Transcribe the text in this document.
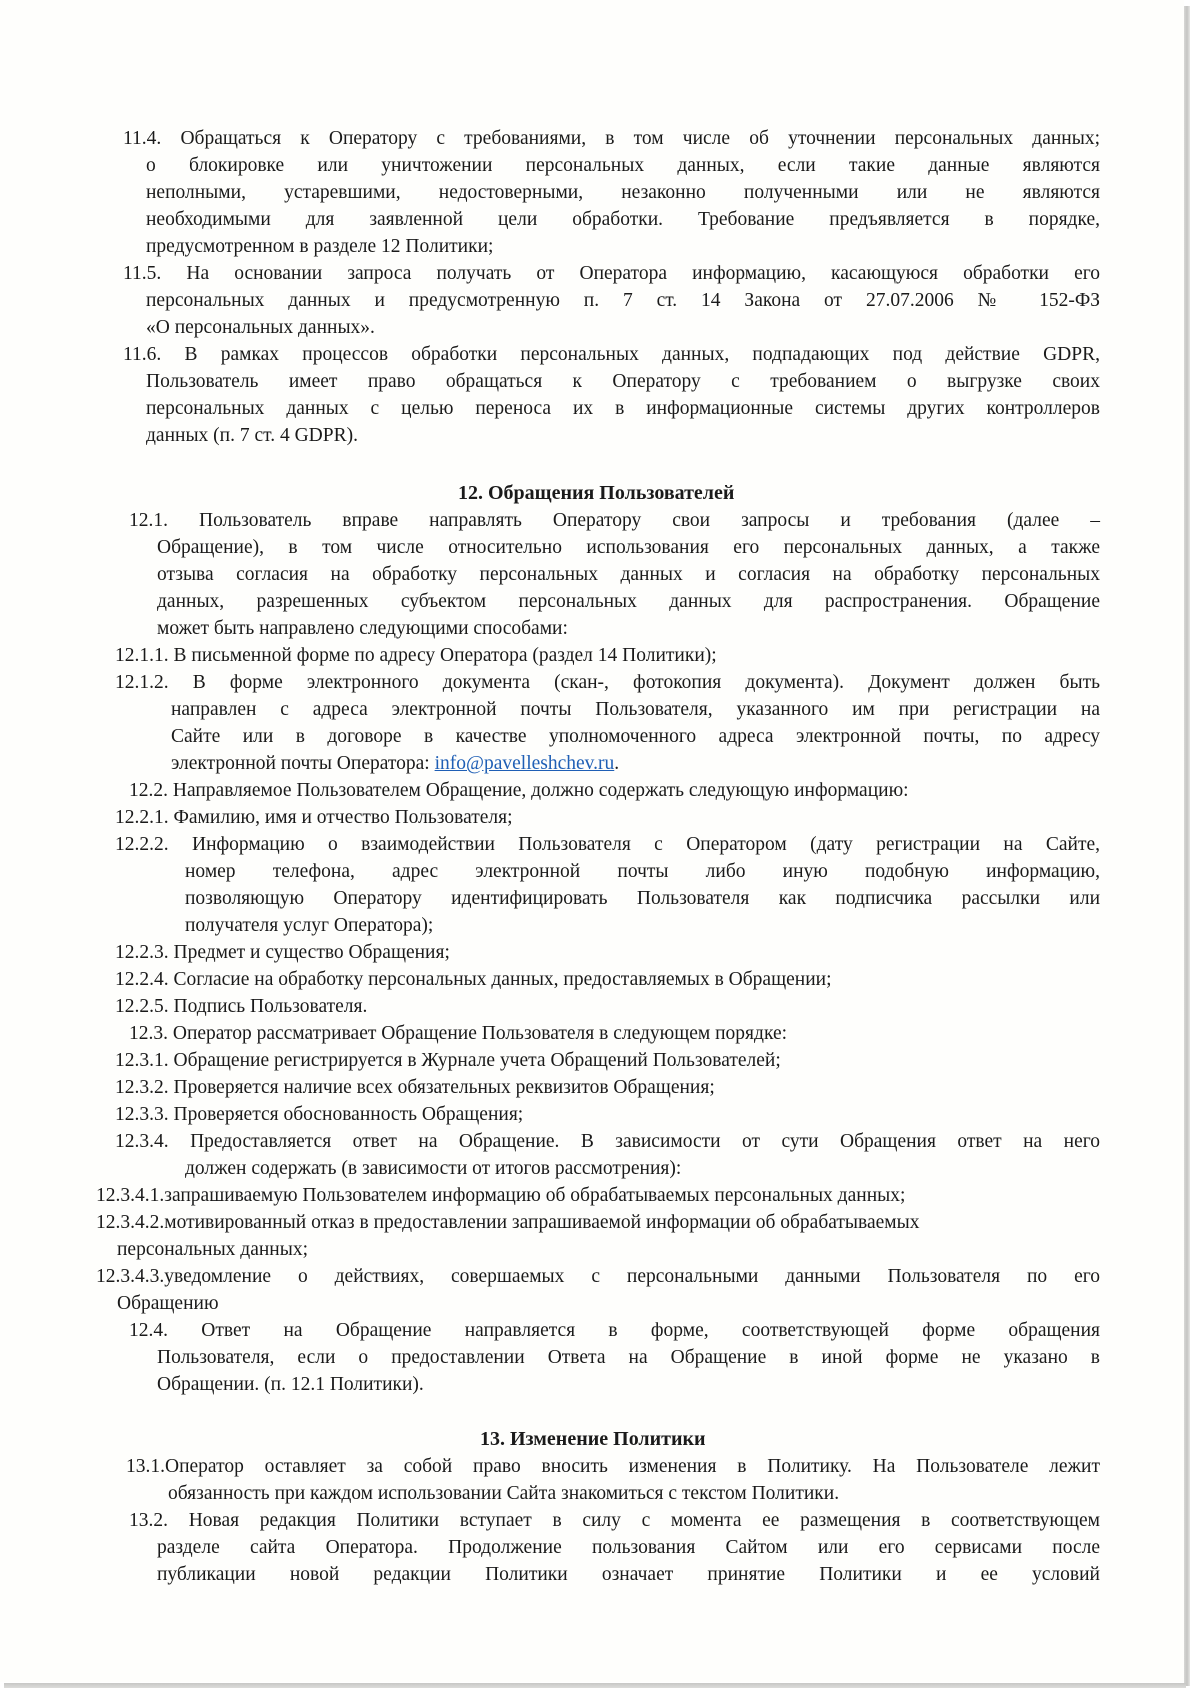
11.4. Обращаться к Оператору с требованиями, в том числе об уточнении персональных данных;
о блокировке или уничтожении персональных данных, если такие данные являются
неполными, устаревшими, недостоверными, незаконно полученными или не являются
необходимыми для заявленной цели обработки. Требование предъявляется в порядке,
предусмотренном в разделе 12 Политики;
11.5. На основании запроса получать от Оператора информацию, касающуюся обработки его
персональных данных и предусмотренную п. 7 ст. 14 Закона от 27.07.2006 № 152-ФЗ
«О персональных данных».
11.6. В рамках процессов обработки персональных данных, подпадающих под действие GDPR,
Пользователь имеет право обращаться к Оператору с требованием о выгрузке своих
персональных данных с целью переноса их в информационные системы других контроллеров
данных (п. 7 ст. 4 GDPR).
12. Обращения Пользователей
12.1. Пользователь вправе направлять Оператору свои запросы и требования (далее –
Обращение), в том числе относительно использования его персональных данных, а также
отзыва согласия на обработку персональных данных и согласия на обработку персональных
данных, разрешенных субъектом персональных данных для распространения. Обращение
может быть направлено следующими способами:
12.1.1. В письменной форме по адресу Оператора (раздел 14 Политики);
12.1.2. В форме электронного документа (скан-, фотокопия документа). Документ должен быть
направлен с адреса электронной почты Пользователя, указанного им при регистрации на
Сайте или в договоре в качестве уполномоченного адреса электронной почты, по адресу
электронной почты Оператора: info@pavelleshchev.ru.
12.2. Направляемое Пользователем Обращение, должно содержать следующую информацию:
12.2.1. Фамилию, имя и отчество Пользователя;
12.2.2. Информацию о взаимодействии Пользователя с Оператором (дату регистрации на Сайте,
номер телефона, адрес электронной почты либо иную подобную информацию,
позволяющую Оператору идентифицировать Пользователя как подписчика рассылки или
получателя услуг Оператора);
12.2.3. Предмет и существо Обращения;
12.2.4. Согласие на обработку персональных данных, предоставляемых в Обращении;
12.2.5. Подпись Пользователя.
12.3. Оператор рассматривает Обращение Пользователя в следующем порядке:
12.3.1. Обращение регистрируется в Журнале учета Обращений Пользователей;
12.3.2. Проверяется наличие всех обязательных реквизитов Обращения;
12.3.3. Проверяется обоснованность Обращения;
12.3.4. Предоставляется ответ на Обращение. В зависимости от сути Обращения ответ на него
должен содержать (в зависимости от итогов рассмотрения):
12.3.4.1.запрашиваемую Пользователем информацию об обрабатываемых персональных данных;
12.3.4.2.мотивированный отказ в предоставлении запрашиваемой информации об обрабатываемых
персональных данных;
12.3.4.3.уведомление о действиях, совершаемых с персональными данными Пользователя по его
Обращению
12.4. Ответ на Обращение направляется в форме, соответствующей форме обращения
Пользователя, если о предоставлении Ответа на Обращение в иной форме не указано в
Обращении. (п. 12.1 Политики).
13. Изменение Политики
13.1.Оператор оставляет за собой право вносить изменения в Политику. На Пользователе лежит
обязанность при каждом использовании Сайта знакомиться с текстом Политики.
13.2. Новая редакция Политики вступает в силу с момента ее размещения в соответствующем
разделе сайта Оператора. Продолжение пользования Сайтом или его сервисами после
публикации новой редакции Политики означает принятие Политики и ее условий
